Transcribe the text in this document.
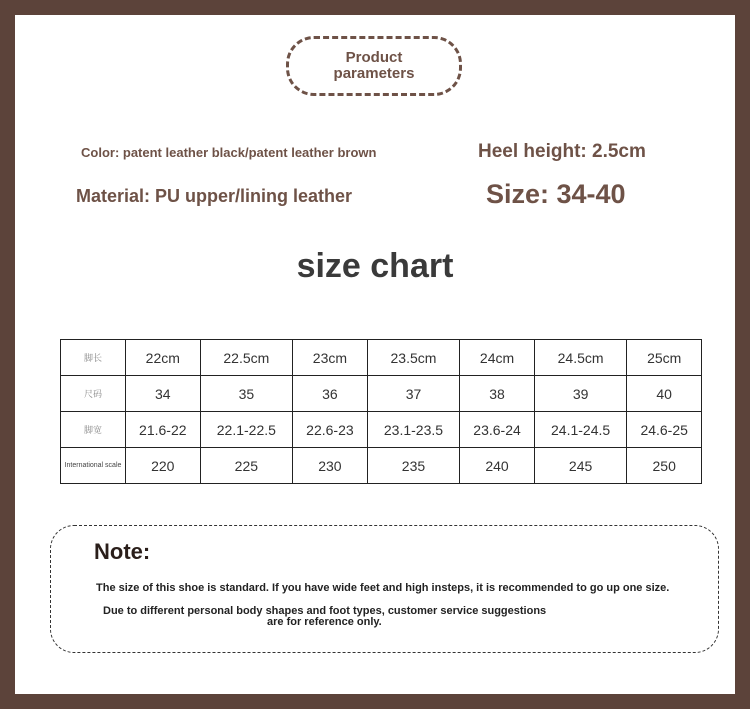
Product
parameters
Color: patent leather black/patent leather brown	Heel height: 2.5cm
Material: PU upper/lining leather	Size: 34-40
size chart
脚长	22cm	22.5cm	23cm	23.5cm	24cm	24.5cm	25cm
尺码	34	35	36	37	38	39	40
脚宽	21.6-22	22.1-22.5	22.6-23	23.1-23.5	23.6-24	24.1-24.5	24.6-25
International scale	220	225	230	235	240	245	250
Note:
The size of this shoe is standard. If you have wide feet and high insteps, it is recommended to go up one size.
Due to different personal body shapes and foot types, customer service suggestions
are for reference only.
